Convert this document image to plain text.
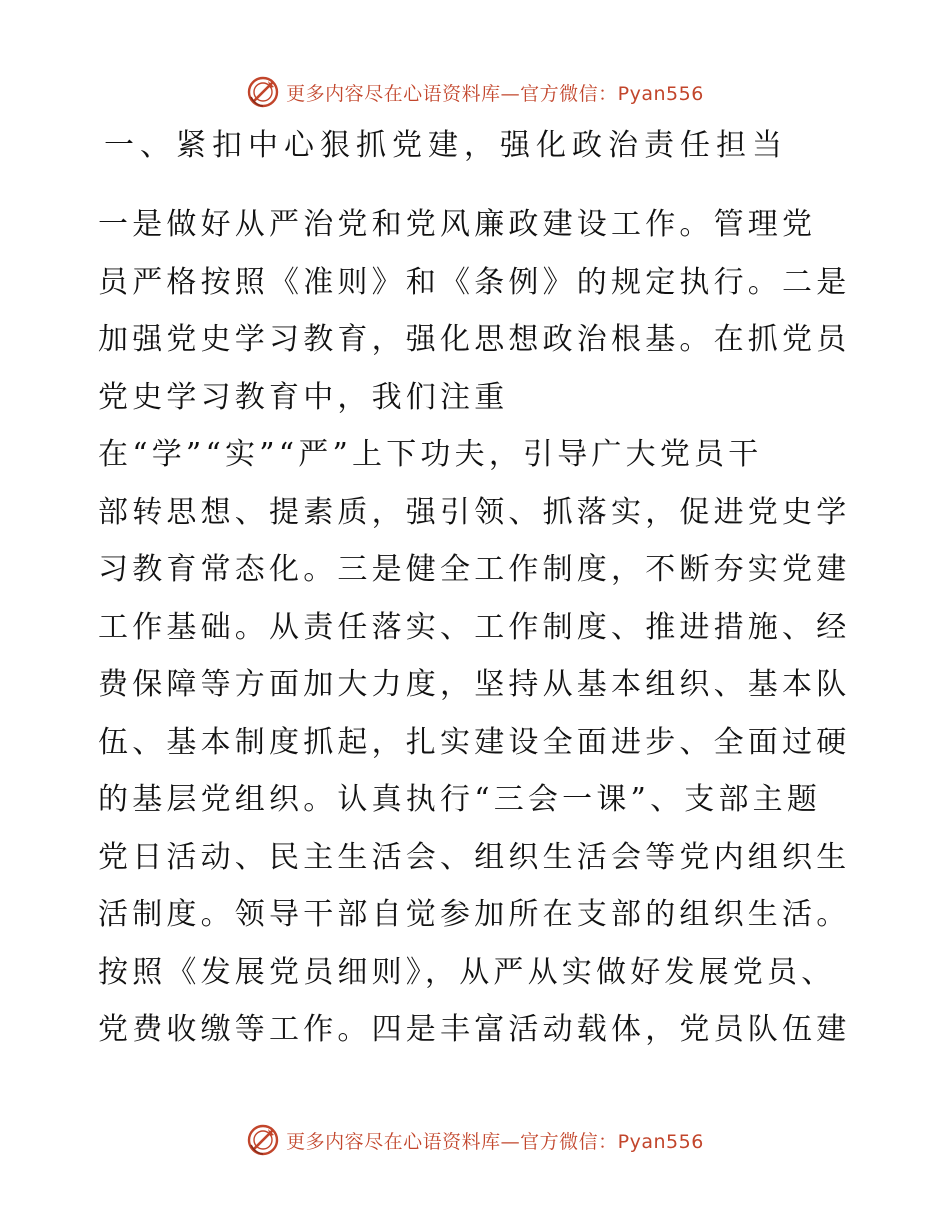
更多内容尽在心语资料库—官方微信：Pyan556
一、紧扣中心狠抓党建，强化政治责任担当
一是做好从严治党和党风廉政建设工作。管理党
员严格按照《准则》和《条例》的规定执行。二是
加强党史学习教育，强化思想政治根基。在抓党员
党史学习教育中，我们注重
在“学”“实”“严”上下功夫，引导广大党员干
部转思想、提素质，强引领、抓落实，促进党史学
习教育常态化。三是健全工作制度，不断夯实党建
工作基础。从责任落实、工作制度、推进措施、经
费保障等方面加大力度，坚持从基本组织、基本队
伍、基本制度抓起，扎实建设全面进步、全面过硬
的基层党组织。认真执行“三会一课”、支部主题
党日活动、民主生活会、组织生活会等党内组织生
活制度。领导干部自觉参加所在支部的组织生活。
按照《发展党员细则》，从严从实做好发展党员、
党费收缴等工作。四是丰富活动载体，党员队伍建
更多内容尽在心语资料库—官方微信：Pyan556
